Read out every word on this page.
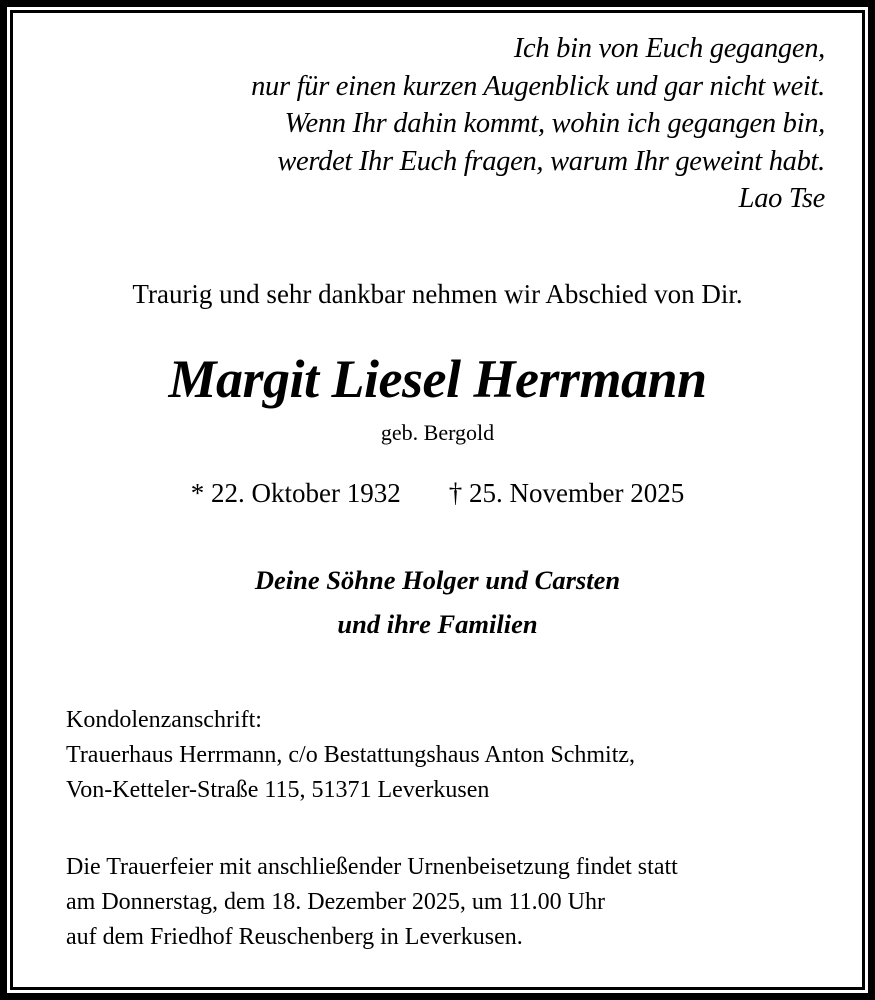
Ich bin von Euch gegangen,
nur für einen kurzen Augenblick und gar nicht weit.
Wenn Ihr dahin kommt, wohin ich gegangen bin,
werdet Ihr Euch fragen, warum Ihr geweint habt.
Lao Tse
Traurig und sehr dankbar nehmen wir Abschied von Dir.
Margit Liesel Herrmann
geb. Bergold
* 22. Oktober 1932 † 25. November 2025
Deine Söhne Holger und Carsten
und ihre Familien
Kondolenzanschrift:
Trauerhaus Herrmann, c/o Bestattungshaus Anton Schmitz,
Von-Ketteler-Straße 115, 51371 Leverkusen
Die Trauerfeier mit anschließender Urnenbeisetzung findet statt
am Donnerstag, dem 18. Dezember 2025, um 11.00 Uhr
auf dem Friedhof Reuschenberg in Leverkusen.
